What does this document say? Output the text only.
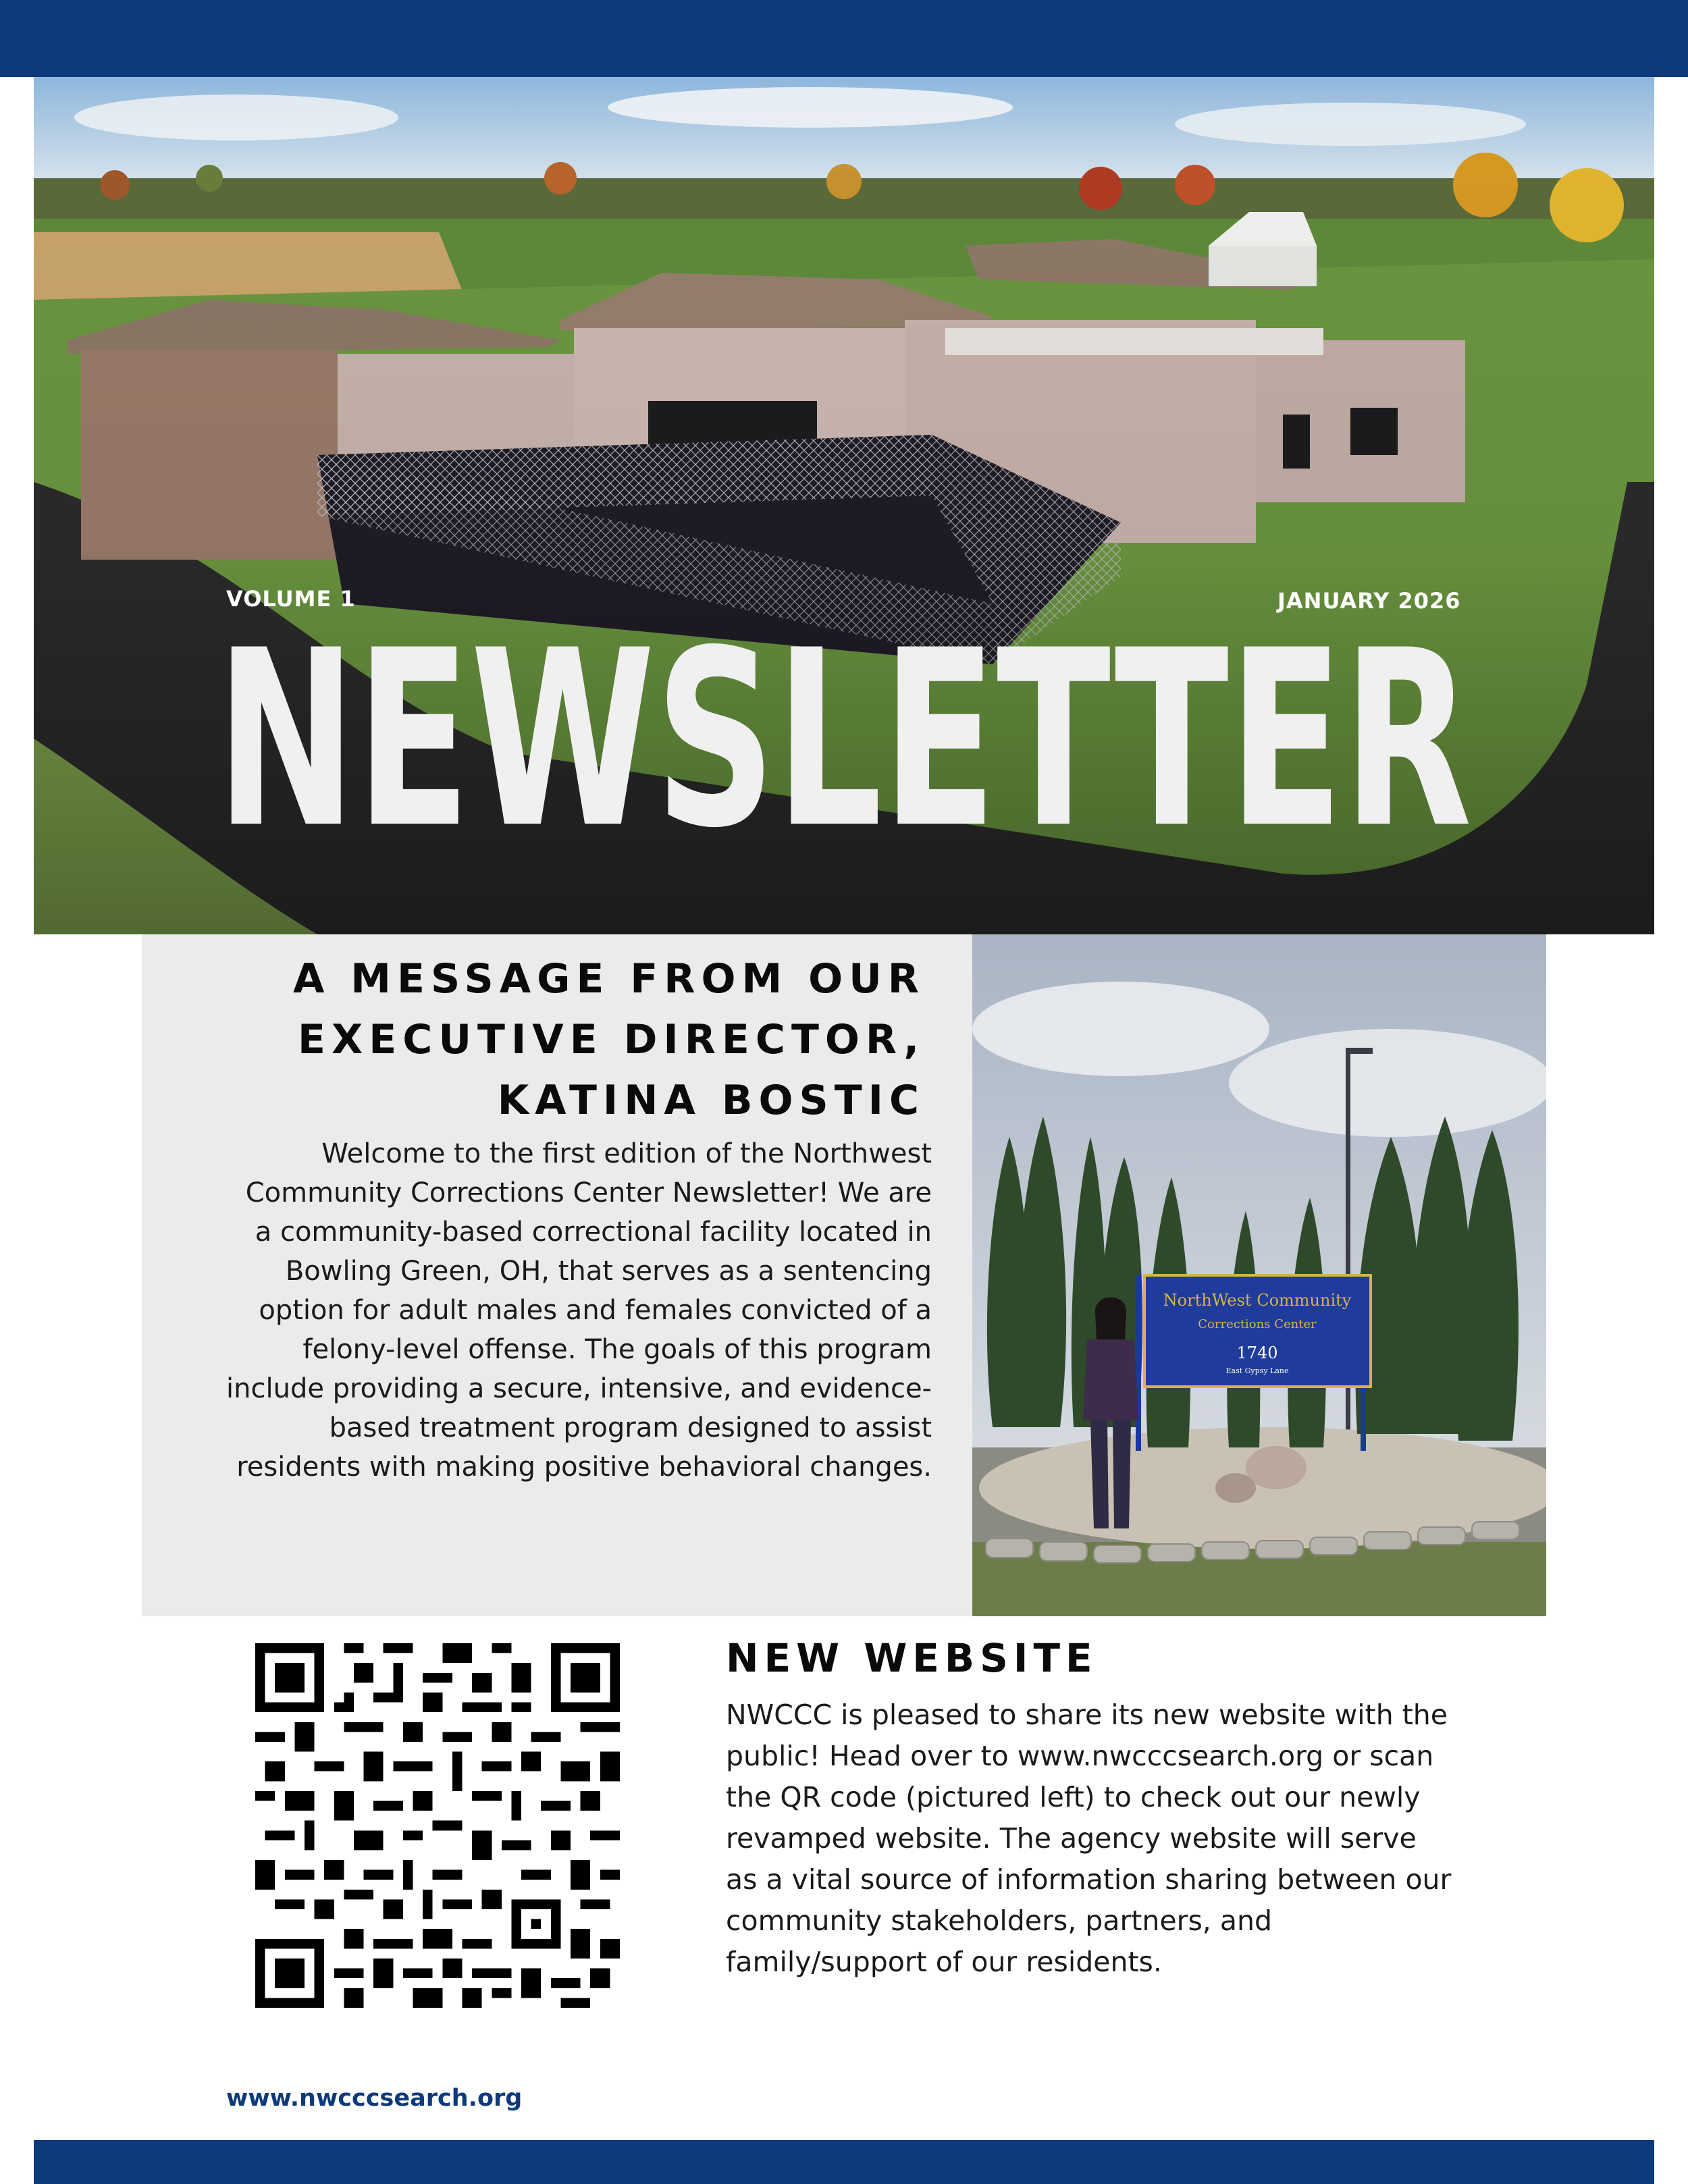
VOLUME 1	JANUARY 2026
NEWSLETTER
A MESSAGE FROM OUR
EXECUTIVE DIRECTOR,
KATINA BOSTIC
Welcome to the first edition of the Northwest Community Corrections Center Newsletter! We are a community-based correctional facility located in Bowling Green, OH, that serves as a sentencing option for adult males and females convicted of a felony-level offense. The goals of this program include providing a secure, intensive, and evidence-based treatment program designed to assist residents with making positive behavioral changes.
NorthWest Community
Corrections Center
1740
East Gypsy Lane
NEW WEBSITE
NWCCC is pleased to share its new website with the public! Head over to www.nwcccsearch.org or scan the QR code (pictured left) to check out our newly revamped website. The agency website will serve as a vital source of information sharing between our community stakeholders, partners, and family/support of our residents.
www.nwcccsearch.org
